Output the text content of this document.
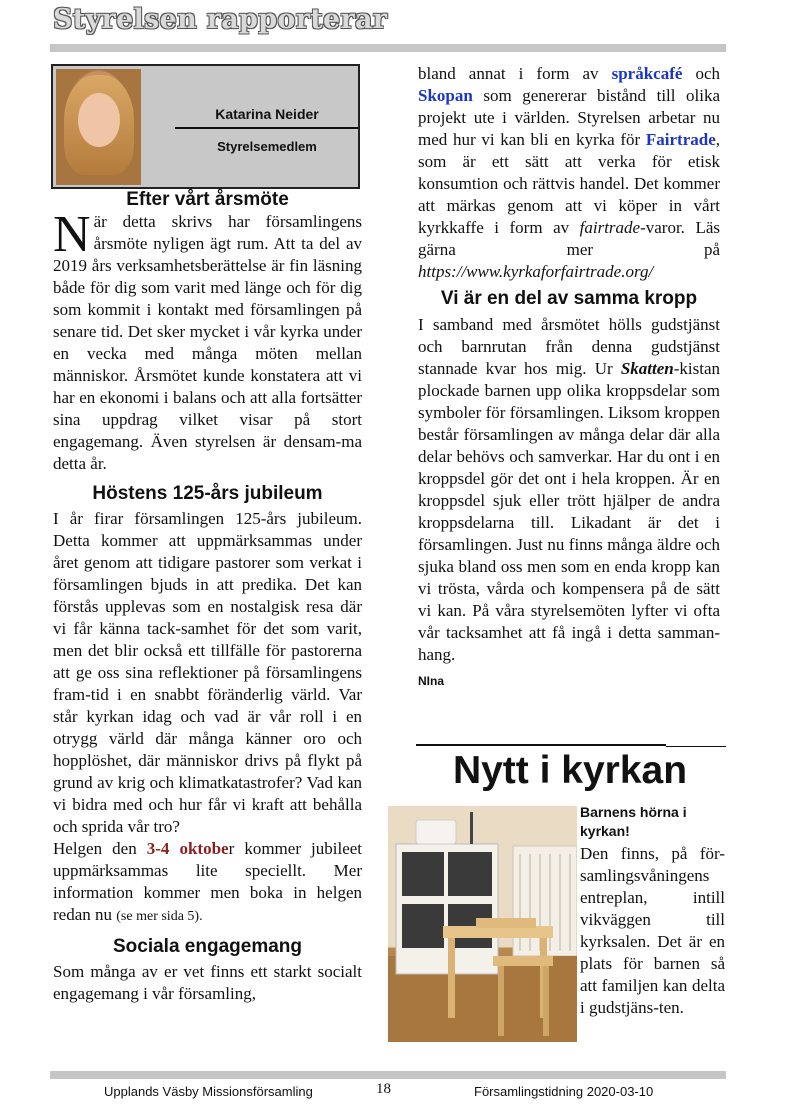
Styrelsen rapporterar
Katarina Neider
Styrelsemedlem
Efter vårt årsmöte

När detta skrivs har församlingens årsmöte nyligen ägt rum. Att ta del av 2019 års verksamhetsberättelse är fin läsning både för dig som varit med länge och för dig som kommit i kontakt med församlingen på senare tid. Det sker mycket i vår kyrka under en vecka med många möten mellan människor. Årsmötet kunde konstatera att vi har en ekonomi i balans och att alla fortsätter sina uppdrag vilket visar på stort engagemang. Även styrelsen är densam-ma detta år.

Höstens 125-års jubileum

I år firar församlingen 125-års jubileum. Detta kommer att uppmärksammas under året genom att tidigare pastorer som verkat i församlingen bjuds in att predika. Det kan förstås upplevas som en nostalgisk resa där vi får känna tack-samhet för det som varit, men det blir också ett tillfälle för pastorerna att ge oss sina reflektioner på församlingens fram-tid i en snabbt föränderlig värld. Var står kyrkan idag och vad är vår roll i en otrygg värld där många känner oro och hopplöshet, där människor drivs på flykt på grund av krig och klimatkatastrofer? Vad kan vi bidra med och hur får vi kraft att behålla och sprida vår tro?

Helgen den 3-4 oktober kommer jubileet uppmärksammas lite speciellt. Mer information kommer men boka in helgen redan nu (se mer sida 5).

Sociala engagemang

Som många av er vet finns ett starkt socialt engagemang i vår församling,

bland annat i form av språkcafé och Skopan som genererar bistånd till olika projekt ute i världen. Styrelsen arbetar nu med hur vi kan bli en kyrka för Fairtrade, som är ett sätt att verka för etisk konsumtion och rättvis handel. Det kommer att märkas genom att vi köper in vårt kyrkkaffe i form av fairtrade-varor. Läs gärna mer på https://www.kyrkaforfairtrade.org/

Vi är en del av samma kropp

I samband med årsmötet hölls gudstjänst och barnrutan från denna gudstjänst stannade kvar hos mig. Ur Skatten-kistan plockade barnen upp olika kroppsdelar som symboler för församlingen. Liksom kroppen består församlingen av många delar där alla delar behövs och samverkar. Har du ont i en kroppsdel gör det ont i hela kroppen. Är en kroppsdel sjuk eller trött hjälper de andra kroppsdelarna till. Likadant är det i församlingen. Just nu finns många äldre och sjuka bland oss men som en enda kropp kan vi trösta, vårda och kompensera på de sätt vi kan. På våra styrelsemöten lyfter vi ofta vår tacksamhet att få ingå i detta samman-hang.

NIna
Nytt i kyrkan
Barnens hörna i kyrkan!
Den finns, på för-samlingsvåningens entreplan, intill vikväggen till kyrksalen. Det är en plats för barnen så att familjen kan delta i gudstjäns-ten.
Upplands Väsby Missionsförsamling	18	Församlingstidning 2020-03-10
